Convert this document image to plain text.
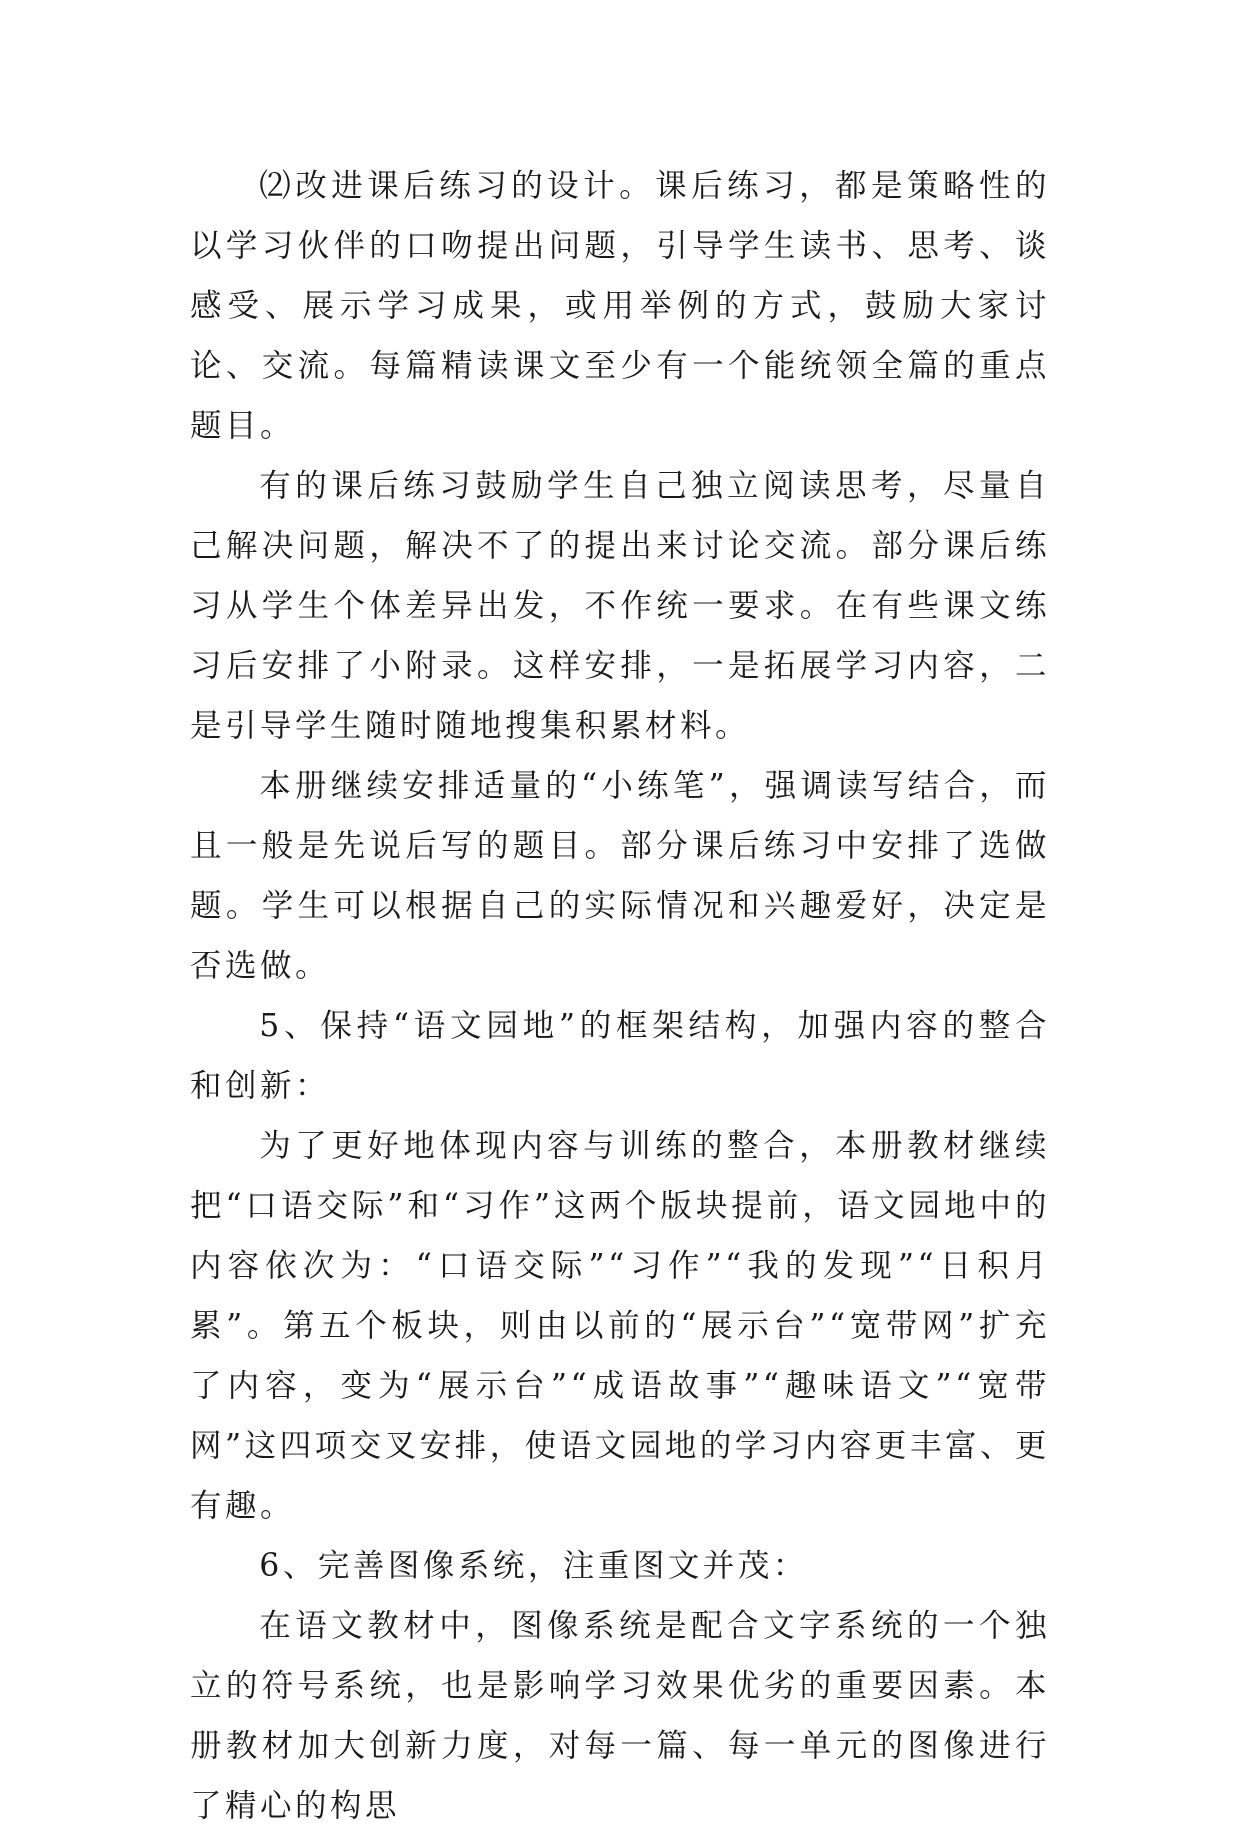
⑵改进课后练习的设计。课后练习，都是策略性的以学习伙伴的口吻提出问题，引导学生读书、思考、谈感受、展示学习成果，或用举例的方式，鼓励大家讨论、交流。每篇精读课文至少有一个能统领全篇的重点题目。

有的课后练习鼓励学生自己独立阅读思考，尽量自己解决问题，解决不了的提出来讨论交流。部分课后练习从学生个体差异出发，不作统一要求。在有些课文练习后安排了小附录。这样安排，一是拓展学习内容，二是引导学生随时随地搜集积累材料。

本册继续安排适量的“小练笔”，强调读写结合，而且一般是先说后写的题目。部分课后练习中安排了选做题。学生可以根据自己的实际情况和兴趣爱好，决定是否选做。

5、保持“语文园地”的框架结构，加强内容的整合和创新：

为了更好地体现内容与训练的整合，本册教材继续把“口语交际”和“习作”这两个版块提前，语文园地中的内容依次为：“口语交际”“习作”“我的发现”“日积月累”。第五个板块，则由以前的“展示台”“宽带网”扩充了内容，变为“展示台”“成语故事”“趣味语文”“宽带网”这四项交叉安排，使语文园地的学习内容更丰富、更有趣。

6、完善图像系统，注重图文并茂：

在语文教材中，图像系统是配合文字系统的一个独立的符号系统，也是影响学习效果优劣的重要因素。本册教材加大创新力度，对每一篇、每一单元的图像进行了精心的构思
